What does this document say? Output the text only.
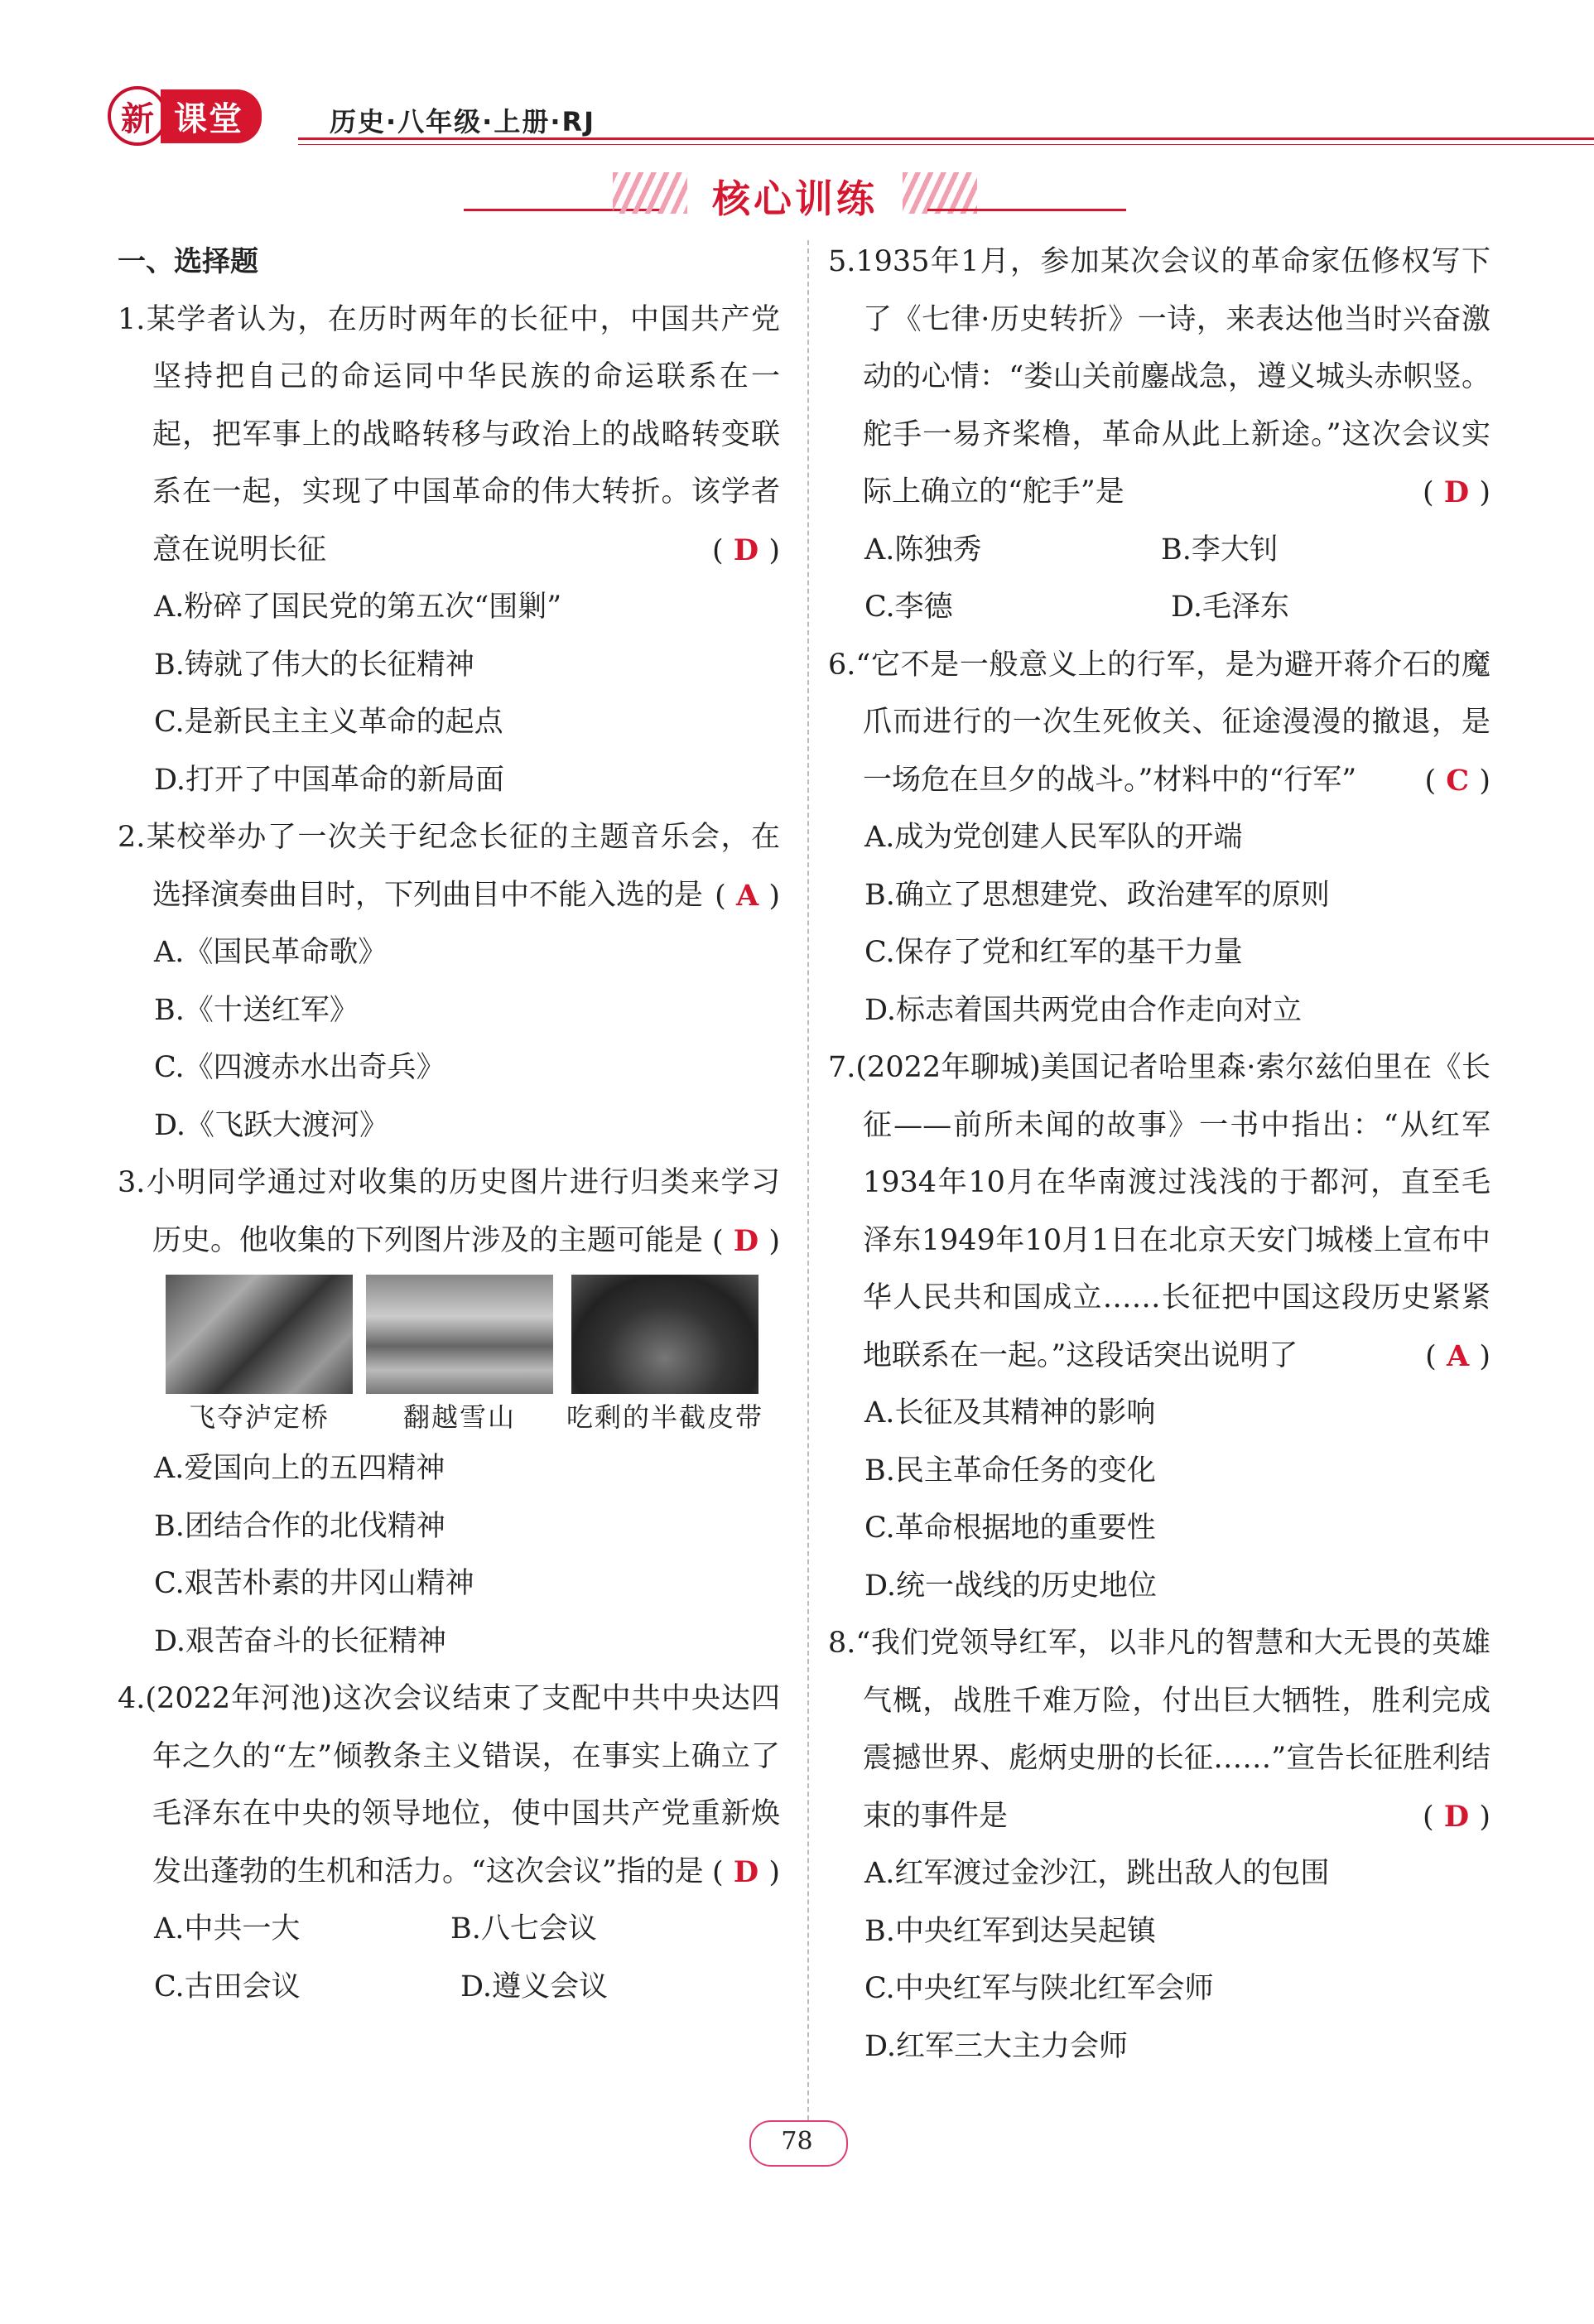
新 课堂	历史·八年级·上册·RJ
核心训练
一、选择题
1.某学者认为，在历时两年的长征中，中国共产党坚持把自己的命运同中华民族的命运联系在一起，把军事上的战略转移与政治上的战略转变联系在一起，实现了中国革命的伟大转折。该学者意在说明长征	( D )
A.粉碎了国民党的第五次“围剿”
B.铸就了伟大的长征精神
C.是新民主主义革命的起点
D.打开了中国革命的新局面
2.某校举办了一次关于纪念长征的主题音乐会，在选择演奏曲目时，下列曲目中不能入选的是 ( A )
A.《国民革命歌》
B.《十送红军》
C.《四渡赤水出奇兵》
D.《飞跃大渡河》
3.小明同学通过对收集的历史图片进行归类来学习历史。他收集的下列图片涉及的主题可能是 ( D )
飞夺泸定桥	翻越雪山 吃剩的半截皮带
A.爱国向上的五四精神
B.团结合作的北伐精神
C.艰苦朴素的井冈山精神
D.艰苦奋斗的长征精神
4.(2022年河池)这次会议结束了支配中共中央达四年之久的“左”倾教条主义错误，在事实上确立了毛泽东在中央的领导地位，使中国共产党重新焕发出蓬勃的生机和活力。“这次会议”指的是 ( D )
A.中共一大	B.八七会议
C.古田会议	D.遵义会议
5.1935年1月，参加某次会议的革命家伍修权写下了《七律·历史转折》一诗，来表达他当时兴奋激动的心情：“娄山关前鏖战急，遵义城头赤帜竖。舵手一易齐桨橹，革命从此上新途。”这次会议实际上确立的“舵手”是	( D )
A.陈独秀	B.李大钊
C.李德	D.毛泽东
6.“它不是一般意义上的行军，是为避开蒋介石的魔爪而进行的一次生死攸关、征途漫漫的撤退，是一场危在旦夕的战斗。”材料中的“行军” ( C )
A.成为党创建人民军队的开端
B.确立了思想建党、政治建军的原则
C.保存了党和红军的基干力量
D.标志着国共两党由合作走向对立
7.(2022年聊城)美国记者哈里森·索尔兹伯里在《长征——前所未闻的故事》一书中指出：“从红军1934年10月在华南渡过浅浅的于都河，直至毛泽东1949年10月1日在北京天安门城楼上宣布中华人民共和国成立……长征把中国这段历史紧紧地联系在一起。”这段话突出说明了	( A )
A.长征及其精神的影响
B.民主革命任务的变化
C.革命根据地的重要性
D.统一战线的历史地位
8.“我们党领导红军，以非凡的智慧和大无畏的英雄气概，战胜千难万险，付出巨大牺牲，胜利完成震撼世界、彪炳史册的长征……”宣告长征胜利结束的事件是	( D )
A.红军渡过金沙江，跳出敌人的包围
B.中央红军到达吴起镇
C.中央红军与陕北红军会师
D.红军三大主力会师
78
